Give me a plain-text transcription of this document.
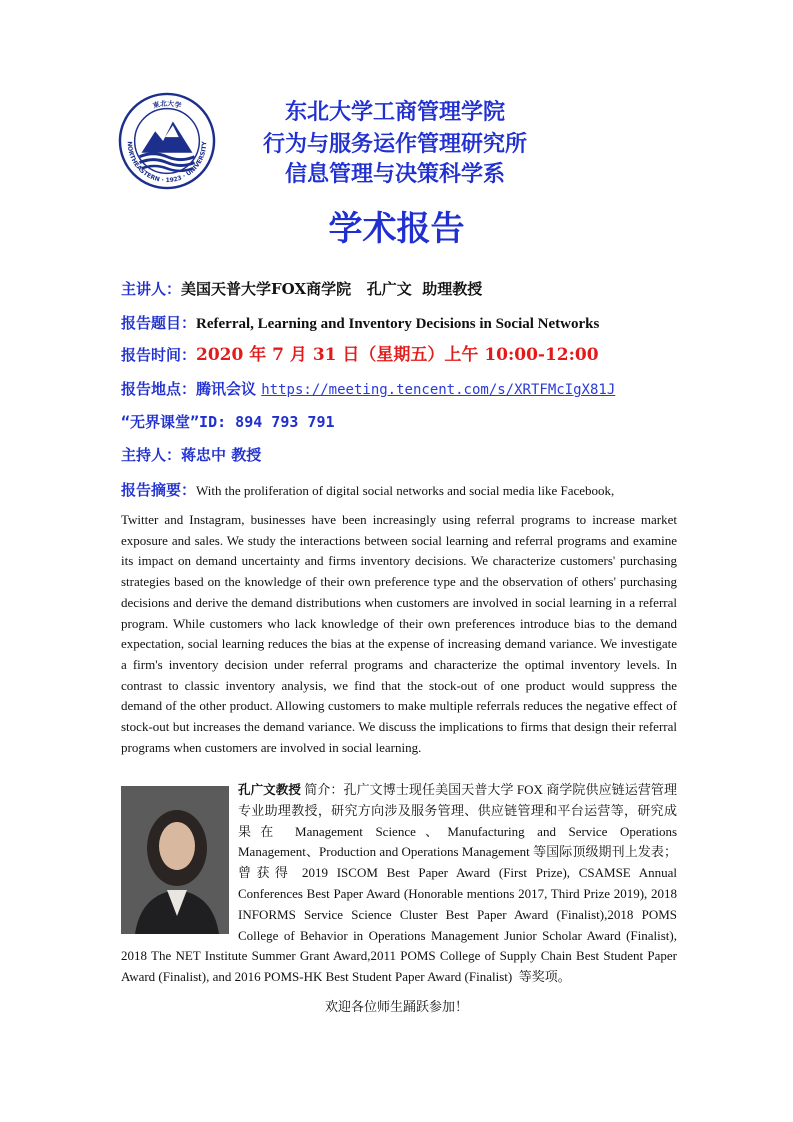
東北大学
NORTHEASTERN · 1923 · UNIVERSITY
东北大学工商管理学院
行为与服务运作管理研究所
信息管理与决策科学系
学术报告
主讲人：美国天普大学FOX商学院   孔广文  助理教授
报告题目：Referral, Learning and Inventory Decisions in Social Networks
报告时间：2020 年 7 月 31 日（星期五）上午 10:00-12:00
报告地点：腾讯会议 https://meeting.tencent.com/s/XRTFMcIgX81J
“无界课堂”ID: 894 793 791
主持人：蒋忠中 教授
报告摘要：With the proliferation of digital social networks and social media like Facebook,
Twitter and Instagram, businesses have been increasingly using referral programs to increase market exposure and sales. We study the interactions between social learning and referral programs and examine its impact on demand uncertainty and firms inventory decisions. We characterize customers' purchasing strategies based on the knowledge of their own preference type and the observation of others' purchasing decisions and derive the demand distributions when customers are involved in social learning in a referral program. While customers who lack knowledge of their own preferences introduce bias to the demand expectation, social learning reduces the bias at the expense of increasing demand variance. We investigate a firm's inventory decision under referral programs and characterize the optimal inventory levels. In contrast to classic inventory analysis, we find that the stock-out of one product would suppress the demand of the other product. Allowing customers to make multiple referrals reduces the negative effect of stock-out but increases the demand variance. We discuss the implications to firms that design their referral programs when customers are involved in social learning.
孔广文教授 简介：孔广文博士现任美国天普大学 FOX 商学院供应链运营管理专业助理教授，研究方向涉及服务管理、供应链管理和平台运营等，研究成果在 Management Science、Manufacturing and Service Operations Management、Production and Operations Management 等国际顶级期刊上发表；曾获得 2019 ISCOM Best Paper Award (First Prize), CSAMSE Annual Conferences Best Paper Award (Honorable mentions 2017, Third Prize 2019), 2018 INFORMS Service Science Cluster Best Paper Award (Finalist),2018 POMS College of Behavior in Operations Management Junior Scholar Award (Finalist), 2018 The NET Institute Summer Grant Award,2011 POMS College of Supply Chain Best Student Paper Award (Finalist), and 2016 POMS-HK Best Student Paper Award (Finalist)  等奖项。
欢迎各位师生踊跃参加！
